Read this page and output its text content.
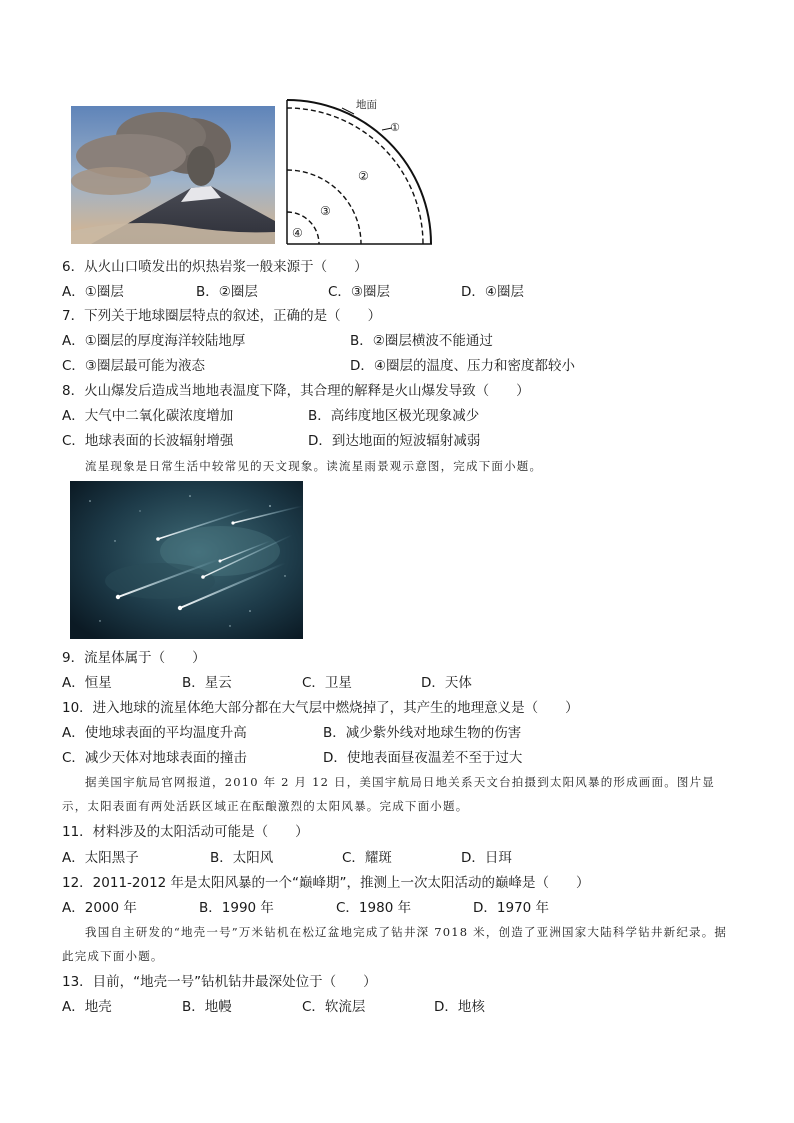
地面
①
②
③
④
6．从火山口喷发出的炽热岩浆一般来源于（　　）
A．①圈层	B．②圈层	C．③圈层	D．④圈层
7．下列关于地球圈层特点的叙述，正确的是（　　）
A．①圈层的厚度海洋较陆地厚	B．②圈层横波不能通过
C．③圈层最可能为液态	D．④圈层的温度、压力和密度都较小
8．火山爆发后造成当地地表温度下降，其合理的解释是火山爆发导致（　　）
A．大气中二氧化碳浓度增加	B．高纬度地区极光现象减少
C．地球表面的长波辐射增强	D．到达地面的短波辐射减弱
流星现象是日常生活中较常见的天文现象。读流星雨景观示意图，完成下面小题。
9．流星体属于（　　）
A．恒星	B．星云	C．卫星	D．天体
10．进入地球的流星体绝大部分都在大气层中燃烧掉了，其产生的地理意义是（　　）
A．使地球表面的平均温度升高	B．减少紫外线对地球生物的伤害
C．减少天体对地球表面的撞击	D．使地表面昼夜温差不至于过大
据美国宇航局官网报道，2010 年 2 月 12 日，美国宇航局日地关系天文台拍摄到太阳风暴的形成画面。图片显示，太阳表面有两处活跃区域正在酝酿激烈的太阳风暴。完成下面小题。
11．材料涉及的太阳活动可能是（　　）
A．太阳黑子	B．太阳风	C．耀斑	D．日珥
12．2011-2012 年是太阳风暴的一个“巅峰期”，推测上一次太阳活动的巅峰是（　　）
A．2000 年	B．1990 年	C．1980 年	D．1970 年
我国自主研发的“地壳一号”万米钻机在松辽盆地完成了钻井深 7018 米，创造了亚洲国家大陆科学钻井新纪录。据此完成下面小题。
13．目前，“地壳一号”钻机钻井最深处位于（　　）
A．地壳	B．地幔	C．软流层	D．地核
